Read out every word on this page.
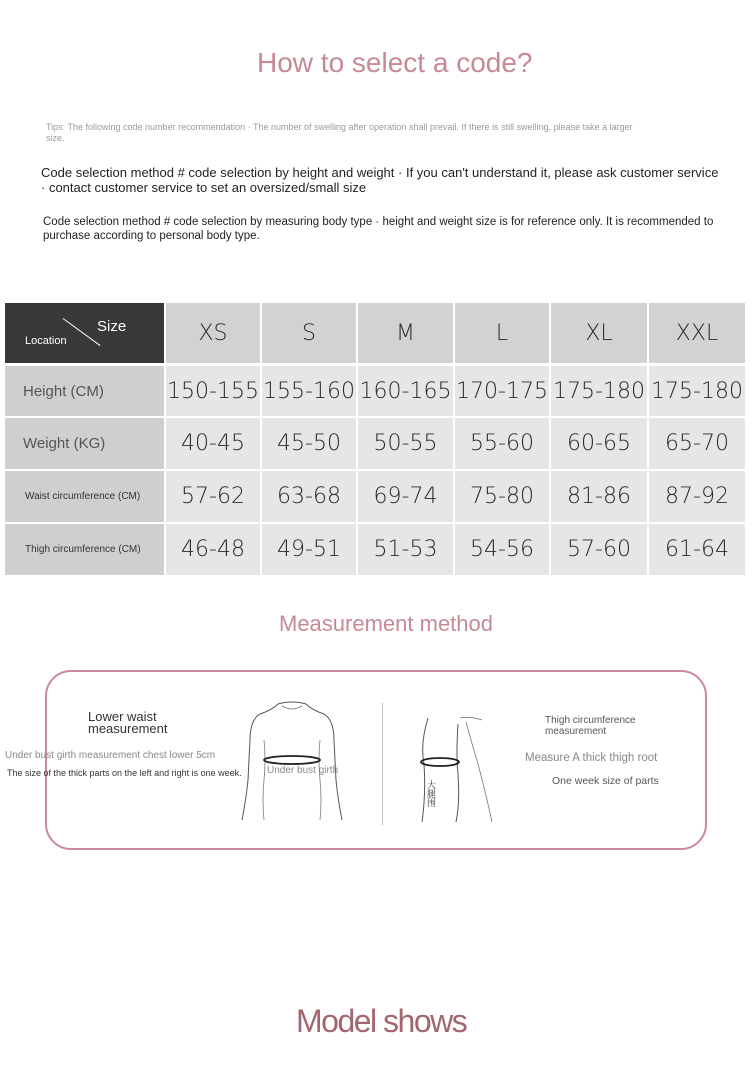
How to select a code?
Tips: The following code number recommendation · The number of swelling after operation shall prevail. If there is still swelling, please take a larger size.
Code selection method # code selection by height and weight · If you can't understand it, please ask customer service · contact customer service to set an oversized/small size
Code selection method # code selection by measuring body type · height and weight size is for reference only. It is recommended to purchase according to personal body type.
Size
Location	XS	S	M	L	XL	XXL
Height (CM)	150-155 155-160 160-165 170-175 175-180 175-180
Weight (KG)	40-45	45-50	50-55	55-60	60-65	65-70
Waist circumference (CM)	57-62	63-68	69-74	75-80	81-86	87-92
Thigh circumference (CM)	46-48	49-51	51-53	54-56	57-60	61-64
Measurement method
Lower waist measurement
Under bust girth measurement chest lower 5cm
The size of the thick parts on the left and right is one week.	Under bust girth
大腿围
Thigh circumference measurement
Measure A thick thigh root
One week size of parts
Model shows
